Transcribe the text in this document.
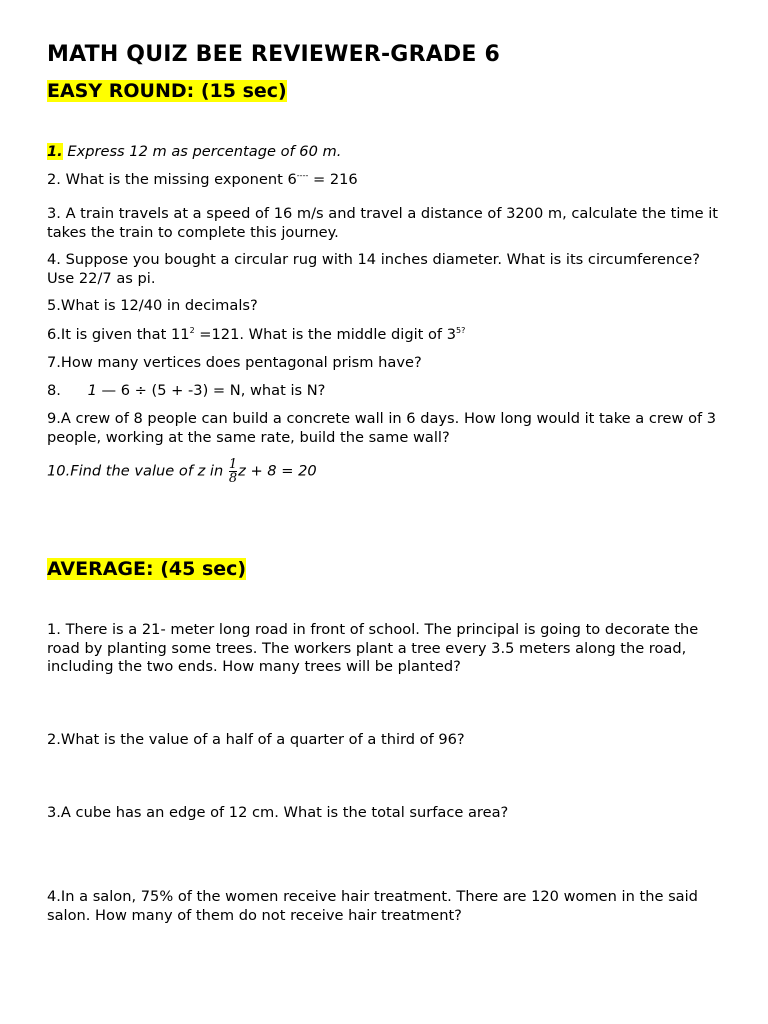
MATH QUIZ BEE REVIEWER-GRADE 6
EASY ROUND: (15 sec)
1. Express 12 m as percentage of 60 m.
2. What is the missing exponent 6---- = 216
3. A train travels at a speed of 16 m/s and travel a distance of 3200 m, calculate the time it takes the train to complete this journey.
4. Suppose you bought a circular rug with 14 inches diameter. What is its circumference? Use 22/7 as pi.
5.What is 12/40 in decimals?
6.It is given that $11^2 =121$. What is the middle digit of $3^{5?}$
7.How many vertices does pentagonal prism have?
8. 1 — 6 ÷ (5 + -3) = N, what is N?
9.A crew of 8 people can build a concrete wall in 6 days. How long would it take a crew of 3 people, working at the same rate, build the same wall?
10.Find the value of z in $\frac{1}{8}$ z + 8 = 20
AVERAGE: (45 sec)
1. There is a 21- meter long road in front of school. The principal is going to decorate the road by planting some trees. The workers plant a tree every 3.5 meters along the road, including the two ends. How many trees will be planted?
2.What is the value of a half of a quarter of a third of 96?
3.A cube has an edge of 12 cm. What is the total surface area?
4.In a salon, 75% of the women receive hair treatment. There are 120 women in the said salon. How many of them do not receive hair treatment?
